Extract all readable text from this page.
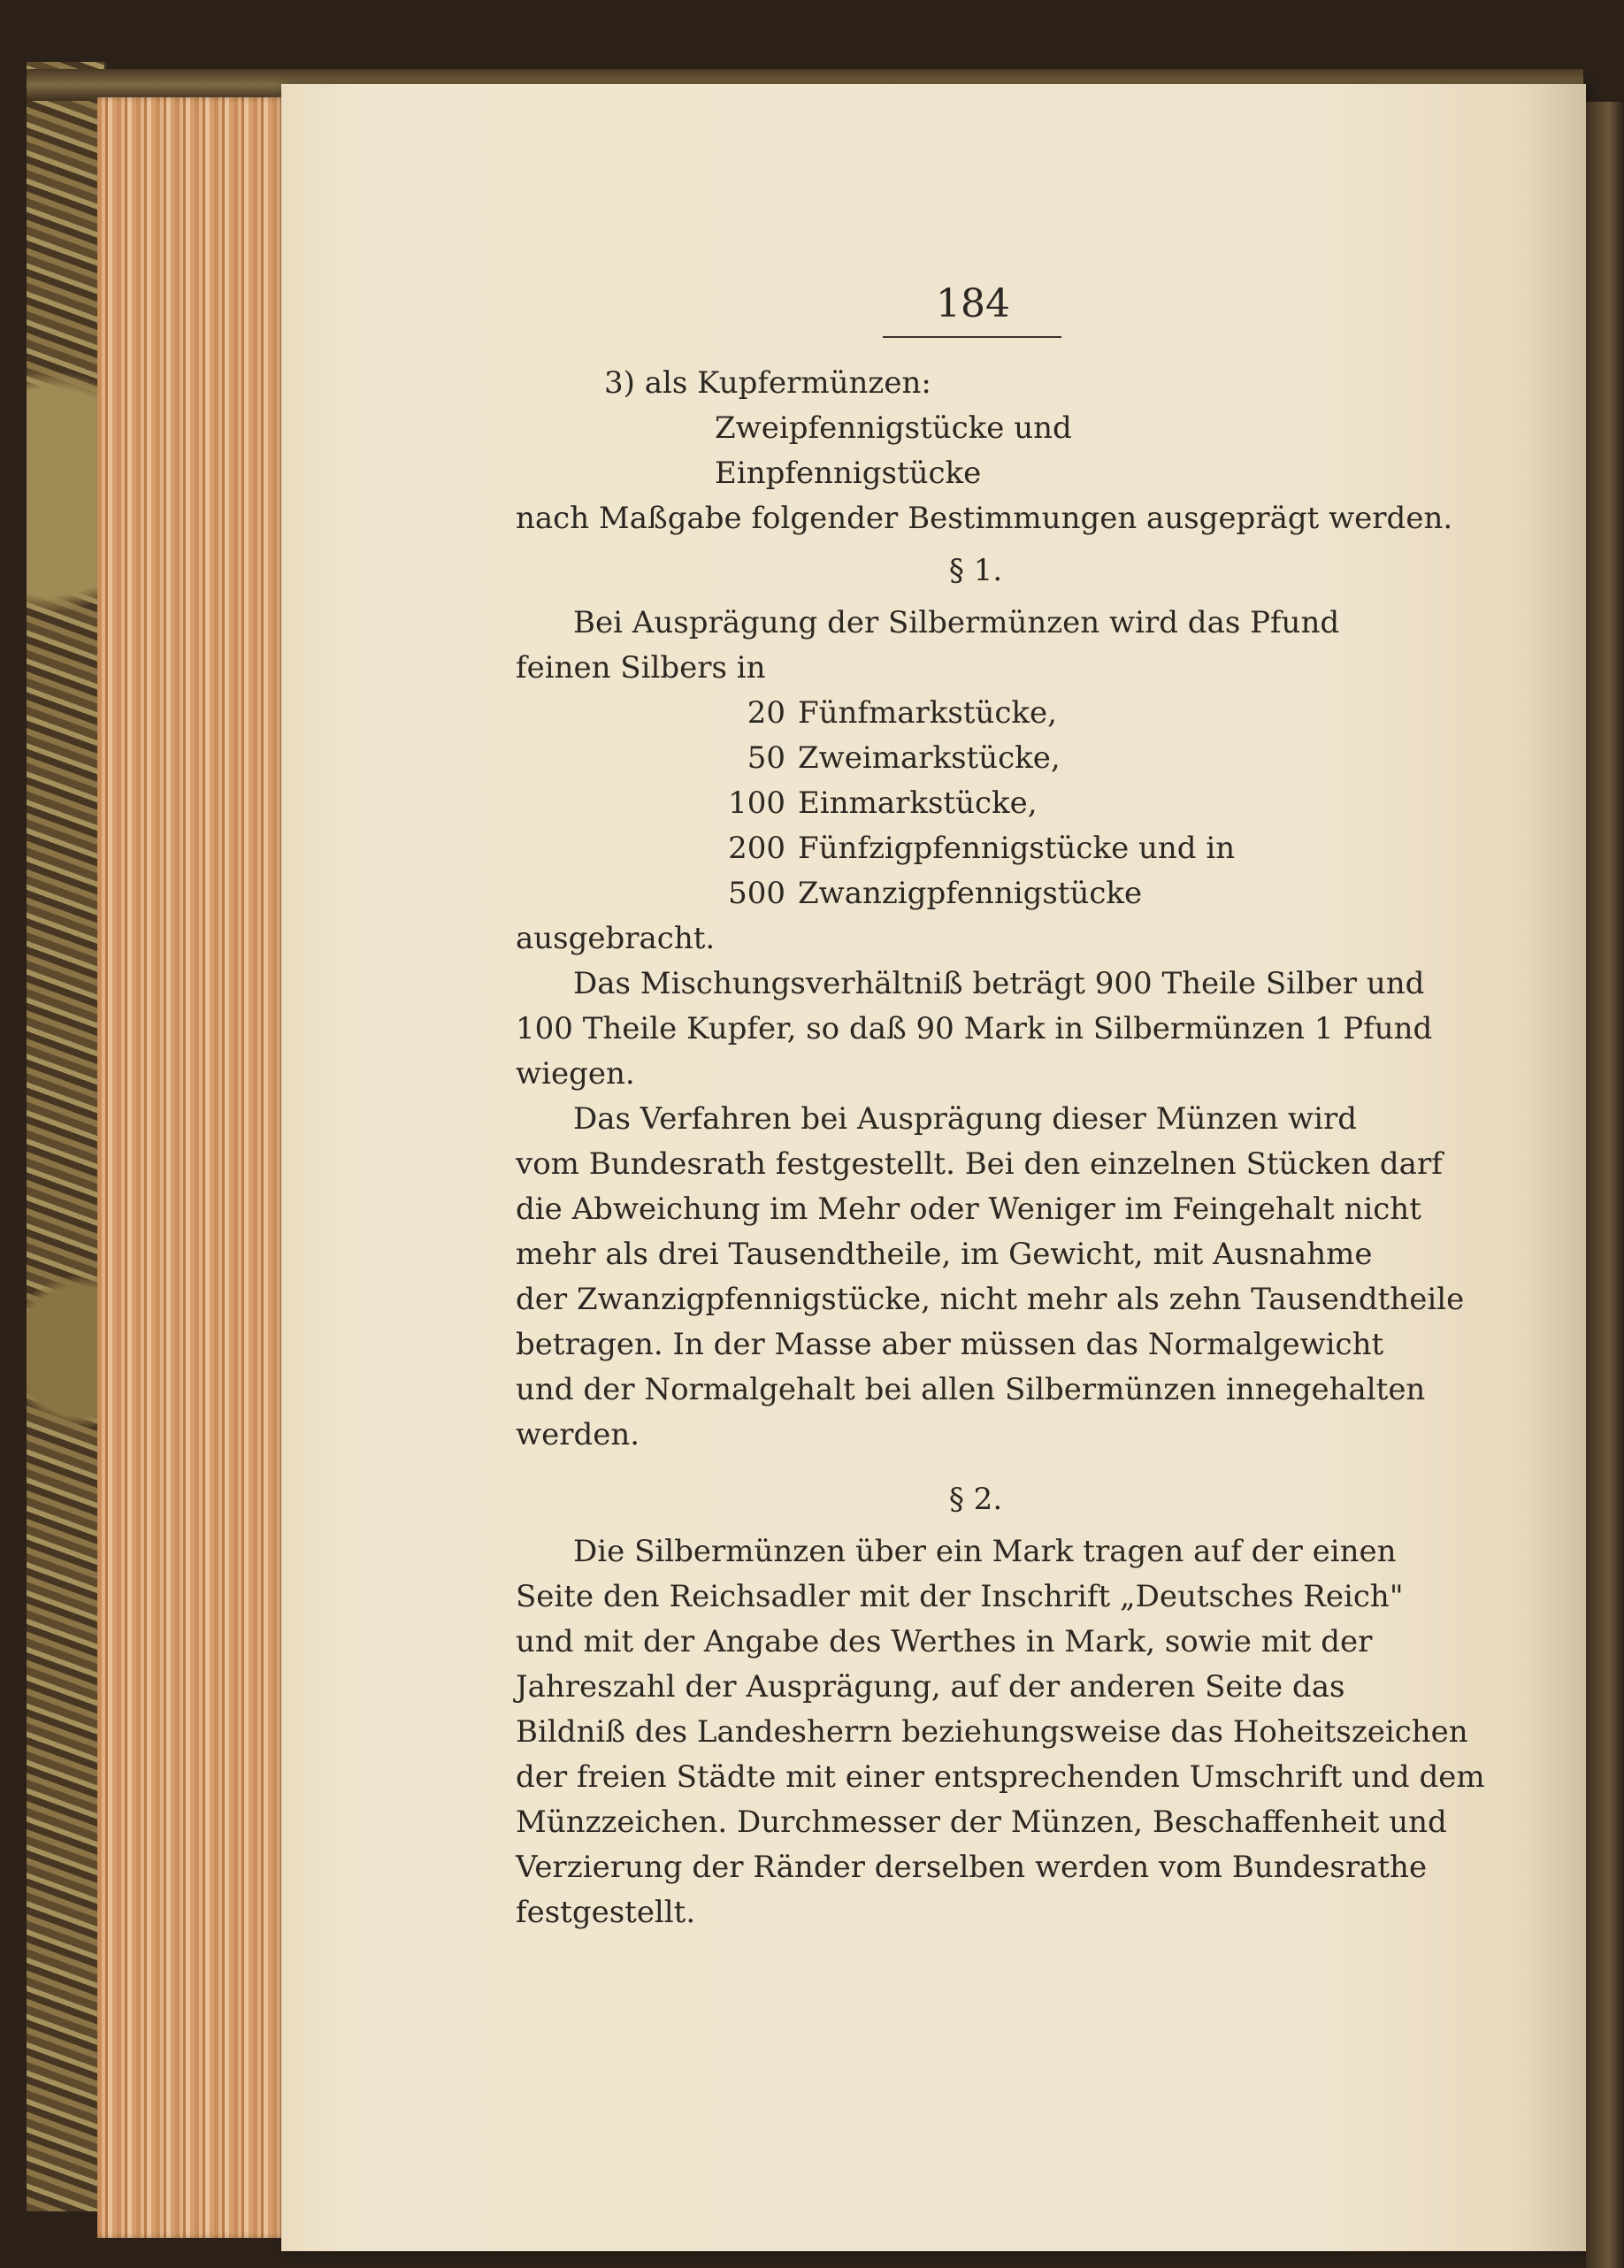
184
3) als Kupfermünzen:
Zweipfennigstücke und
Einpfennigstücke
nach Maßgabe folgender Bestimmungen ausgeprägt werden.
§ 1.
Bei Ausprägung der Silbermünzen wird das Pfund
feinen Silbers in
20 Fünfmarkstücke,
50 Zweimarkstücke,
100 Einmarkstücke,
200 Fünfzigpfennigstücke und in
500 Zwanzigpfennigstücke
ausgebracht.
Das Mischungsverhältniß beträgt 900 Theile Silber und
100 Theile Kupfer, so daß 90 Mark in Silbermünzen 1 Pfund
wiegen.
Das Verfahren bei Ausprägung dieser Münzen wird
vom Bundesrath festgestellt. Bei den einzelnen Stücken darf
die Abweichung im Mehr oder Weniger im Feingehalt nicht
mehr als drei Tausendtheile, im Gewicht, mit Ausnahme
der Zwanzigpfennigstücke, nicht mehr als zehn Tausendtheile
betragen. In der Masse aber müssen das Normalgewicht
und der Normalgehalt bei allen Silbermünzen innegehalten
werden.
§ 2.
Die Silbermünzen über ein Mark tragen auf der einen
Seite den Reichsadler mit der Inschrift „Deutsches Reich"
und mit der Angabe des Werthes in Mark, sowie mit der
Jahreszahl der Ausprägung, auf der anderen Seite das
Bildniß des Landesherrn beziehungsweise das Hoheitszeichen
der freien Städte mit einer entsprechenden Umschrift und dem
Münzzeichen. Durchmesser der Münzen, Beschaffenheit und
Verzierung der Ränder derselben werden vom Bundesrathe
festgestellt.
